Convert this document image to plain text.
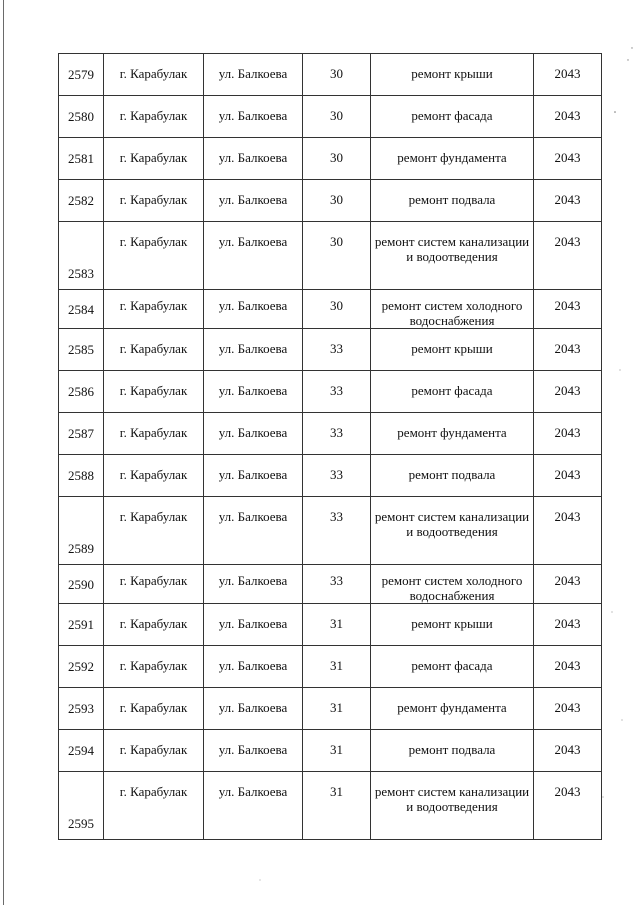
2579	г. Карабулак	ул. Балкоева	30	ремонт крыши	2043
2580	г. Карабулак	ул. Балкоева	30	ремонт фасада	2043
2581	г. Карабулак	ул. Балкоева	30	ремонт фундамента	2043
2582	г. Карабулак	ул. Балкоева	30	ремонт подвала	2043
2583	г. Карабулак	ул. Балкоева	30	ремонт систем канализации и водоотведения	2043
2584	г. Карабулак	ул. Балкоева	30	ремонт систем холодного водоснабжения	2043
2585	г. Карабулак	ул. Балкоева	33	ремонт крыши	2043
2586	г. Карабулак	ул. Балкоева	33	ремонт фасада	2043
2587	г. Карабулак	ул. Балкоева	33	ремонт фундамента	2043
2588	г. Карабулак	ул. Балкоева	33	ремонт подвала	2043
2589	г. Карабулак	ул. Балкоева	33	ремонт систем канализации и водоотведения	2043
2590	г. Карабулак	ул. Балкоева	33	ремонт систем холодного водоснабжения	2043
2591	г. Карабулак	ул. Балкоева	31	ремонт крыши	2043
2592	г. Карабулак	ул. Балкоева	31	ремонт фасада	2043
2593	г. Карабулак	ул. Балкоева	31	ремонт фундамента	2043
2594	г. Карабулак	ул. Балкоева	31	ремонт подвала	2043
2595	г. Карабулак	ул. Балкоева	31	ремонт систем канализации и водоотведения	2043
